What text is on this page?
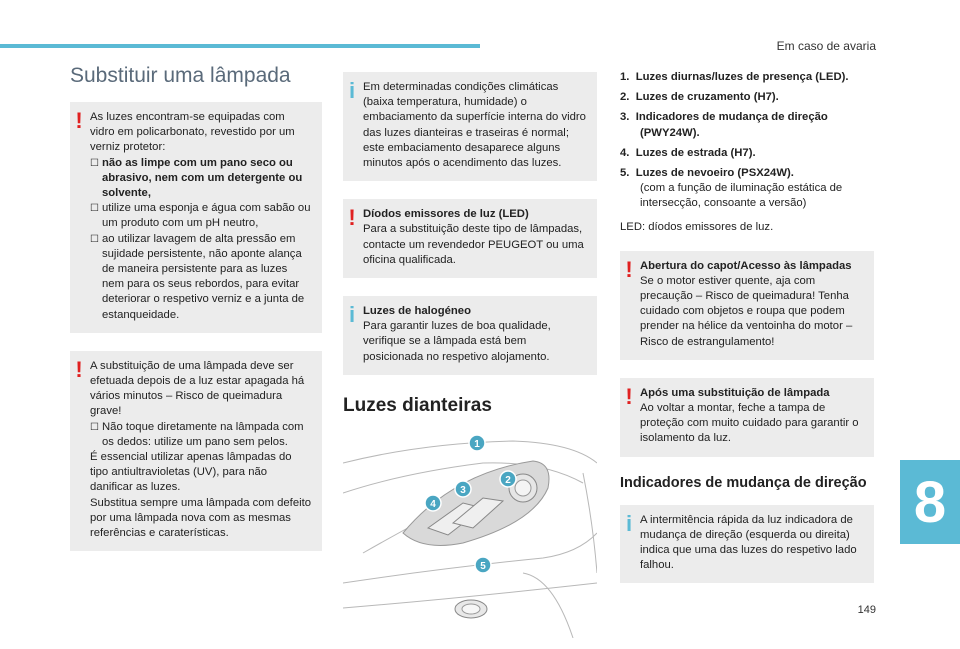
Em caso de avaria
8
149
Substituir uma lâmpada
! As luzes encontram-se equipadas com vidro em policarbonato, revestido por um verniz protetor:

☐ não as limpe com um pano seco ou abrasivo, nem com um detergente ou solvente,
☐ utilize uma esponja e água com sabão ou um produto com um pH neutro,
☐ ao utilizar lavagem de alta pressão em sujidade persistente, não aponte alança de maneira persistente para as luzes nem para os seus rebordos, para evitar deteriorar o respetivo verniz e a junta de estanqueidade.
! A substituição de uma lâmpada deve ser efetuada depois de a luz estar apagada há vários minutos – Risco de queimadura grave!

☐ Não toque diretamente na lâmpada com os dedos: utilize um pano sem pelos.

É essencial utilizar apenas lâmpadas do tipo antiultravioletas (UV), para não danificar as luzes.

Substitua sempre uma lâmpada com defeito por uma lâmpada nova com as mesmas referências e caraterísticas.

i Em determinadas condições climáticas (baixa temperatura, humidade) o embaciamento da superfície interna do vidro das luzes dianteiras e traseiras é normal; este embaciamento desaparece alguns minutos após o acendimento das luzes.

! Díodos emissores de luz (LED)

Para a substituição deste tipo de lâmpadas, contacte um revendedor PEUGEOT ou uma oficina qualificada.

i Luzes de halogéneo

Para garantir luzes de boa qualidade, verifique se a lâmpada está bem posicionada no respetivo alojamento.

Luzes dianteiras
1
2
3
4
5
1. Luzes diurnas/luzes de presença (LED).
2. Luzes de cruzamento (H7).
3. Indicadores de mudança de direção (PWY24W).
4. Luzes de estrada (H7).
5. Luzes de nevoeiro (PSX24W).
(com a função de iluminação estática de intersecção, consoante a versão)

LED: díodos emissores de luz.

! Abertura do capot/Acesso às lâmpadas

Se o motor estiver quente, aja com precaução – Risco de queimadura! Tenha cuidado com objetos e roupa que podem prender na hélice da ventoinha do motor – Risco de estrangulamento!

! Após uma substituição de lâmpada

Ao voltar a montar, feche a tampa de proteção com muito cuidado para garantir o isolamento da luz.

Indicadores de mudança de direção
i A intermitência rápida da luz indicadora de mudança de direção (esquerda ou direita) indica que uma das luzes do respetivo lado falhou.
